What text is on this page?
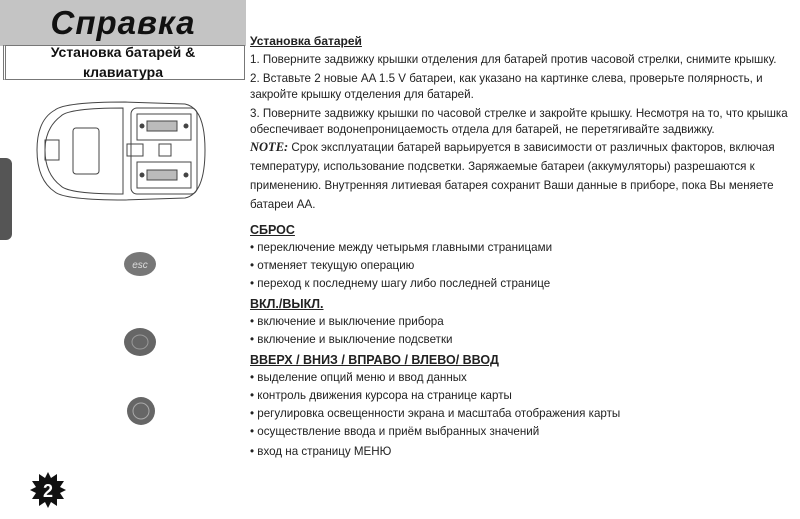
Справка
Установка батарей &
клавиатура
esc
2
Установка батарей
1. Поверните задвижку крышки отделения для батарей против часовой стрелки, снимите крышку.
2. Вставьте 2 новые AA 1.5 V батареи, как указано на картинке слева, проверьте полярность, и закройте крышку отделения для батарей.
3. Поверните задвижку крышки по часовой стрелке и закройте крышку. Несмотря на то, что крышка обеспечивает водонепроницаемость отдела для батарей, не перетягивайте задвижку.
NOTE: Срок эксплуатации батарей варьируется в зависимости от различных факторов, включая температуру, использование подсветки. Заряжаемые батареи (аккумуляторы) разрешаются к применению. Внутренняя литиевая батарея сохранит Ваши данные в приборе, пока Вы меняете батареи AA.
СБРОС
• переключение между четырьмя главными страницами
• отменяет текущую операцию
• переход к последнему шагу либо последней странице
ВКЛ./ВЫКЛ.
• включение и выключение прибора
• включение и выключение подсветки
ВВЕРХ / ВНИЗ / ВПРАВО / ВЛЕВО/ ВВОД
• выделение опций меню и ввод данных
• контроль движения курсора на странице карты
• регулировка освещенности экрана и масштаба отображения карты
• осуществление ввода и приём выбранных значений
• вход на страницу МЕНЮ
